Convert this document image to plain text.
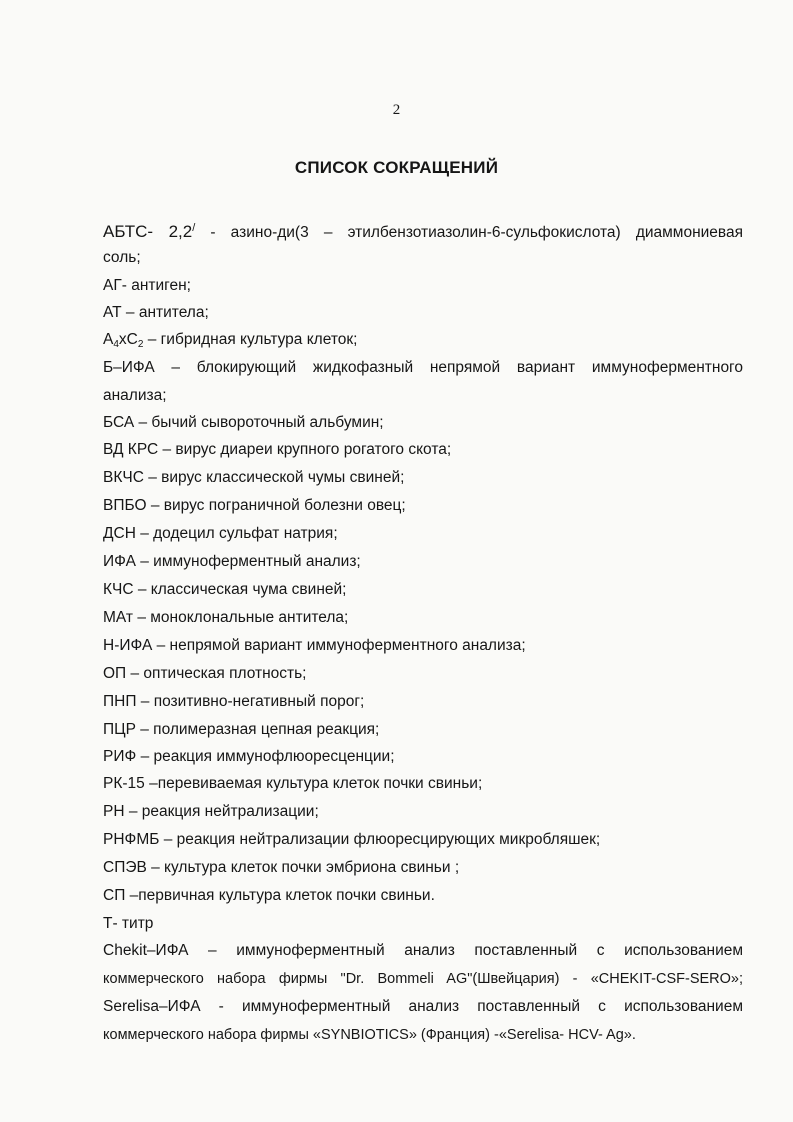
2
СПИСОК СОКРАЩЕНИЙ
АБТС- 2,2/ - азино-ди(3 – этилбензотиазолин-6-сульфокислота) диаммониевая
соль;
АГ- антиген;
АТ – антитела;
А4хС2 – гибридная культура клеток;
Б–ИФА – блокирующий жидкофазный непрямой вариант иммуноферментного
анализа;
БСА – бычий сывороточный альбумин;
ВД КРС – вирус диареи крупного рогатого скота;
ВКЧС – вирус классической чумы свиней;
ВПБО – вирус пограничной болезни овец;
ДСН – додецил сульфат натрия;
ИФА – иммуноферментный анализ;
КЧС – классическая чума свиней;
МАт – моноклональные антитела;
Н-ИФА – непрямой вариант иммуноферментного анализа;
ОП – оптическая плотность;
ПНП – позитивно-негативный порог;
ПЦР – полимеразная цепная реакция;
РИФ – реакция иммунофлюоресценции;
РК-15 –перевиваемая культура клеток почки свиньи;
РН – реакция нейтрализации;
РНФМБ – реакция нейтрализации флюоресцирующих микробляшек;
СПЭВ – культура клеток почки эмбриона свиньи ;
СП –первичная культура клеток почки свиньи.
Т- титр
Chekit–ИФА – иммуноферментный анализ поставленный с использованием
коммерческого набора фирмы "Dr. Bommeli AG"(Швейцария) - «CHEKIT-CSF-SERO»;
Serelisa–ИФА - иммуноферментный анализ поставленный с использованием
коммерческого набора фирмы «SYNBIOTICS» (Франция) -«Serelisa- HCV- Ag».
